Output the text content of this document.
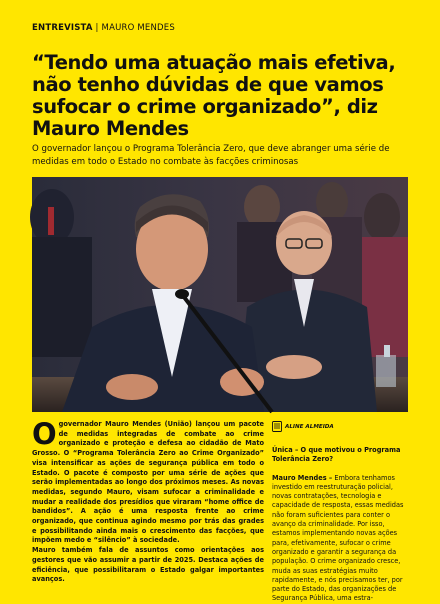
ENTREVISTA | MAURO MENDES
“Tendo uma atuação mais efetiva, não tenho dúvidas de que vamos sufocar o crime organizado”, diz Mauro Mendes

O governador lançou o Programa Tolerância Zero, que deve abranger uma série de medidas em todo o Estado no combate às facções criminosas

O governador Mauro Mendes (União) lançou um pacote de medidas integradas de combate ao crime organizado e proteção e defesa ao cidadão de Mato Grosso. O “Programa Tolerância Zero ao Crime Organizado” visa intensificar as ações de segurança pública em todo o Estado. O pacote é composto por uma série de ações que serão implementadas ao longo dos próximos meses. As novas medidas, segundo Mauro, visam sufocar a criminalidade e mudar a realidade dos presídios que viraram “home office de bandidos”. A ação é uma resposta frente ao crime organizado, que continua agindo mesmo por trás das grades e possibilitando ainda mais o crescimento das facções, que impõem medo e “silêncio” à sociedade.

Mauro também fala de assuntos como orientações aos gestores que vão assumir a partir de 2025. Destaca ações de eficiência, que possibilitaram o Estado galgar importantes avanços.

ALINE ALMEIDA

Única – O que motivou o Programa Tolerância Zero?

Mauro Mendes – Embora tenhamos investido em reestruturação policial, novas contratações, tecnologia e capacidade de resposta, essas medidas não foram suficientes para conter o avanço da criminalidade. Por isso, estamos implementando novas ações para, efetivamente, sufocar o crime organizado e garantir a segurança da população. O crime organizado cresce, muda as suas estratégias muito rapidamente, e nós precisamos ter, por parte do Estado, das organizações de Segurança Pública, uma estra-
